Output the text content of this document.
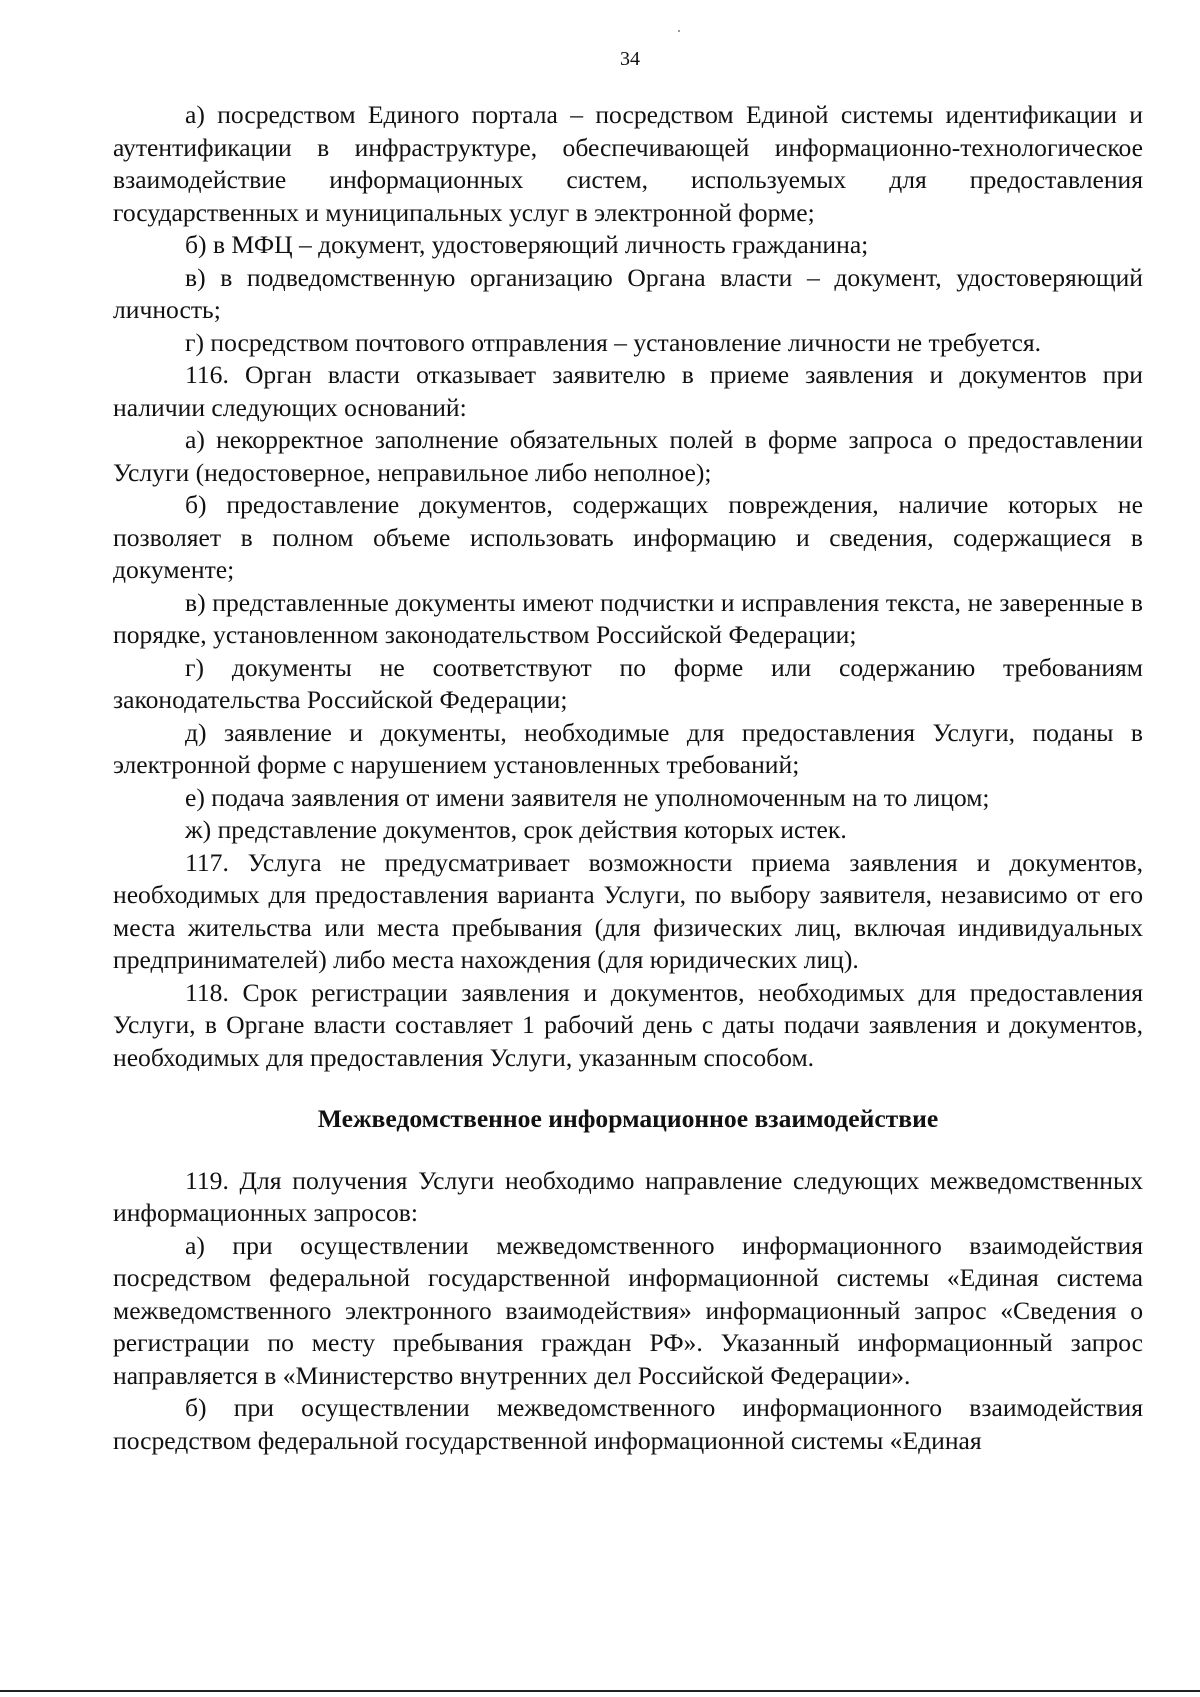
34

а) посредством Единого портала – посредством Единой системы идентификации и аутентификации в инфраструктуре, обеспечивающей информационно-технологическое взаимодействие информационных систем, используемых для предоставления государственных и муниципальных услуг в электронной форме;

б) в МФЦ – документ, удостоверяющий личность гражданина;

в) в подведомственную организацию Органа власти – документ, удостоверяющий личность;

г) посредством почтового отправления – установление личности не требуется.

116. Орган власти отказывает заявителю в приеме заявления и документов при наличии следующих оснований:

а) некорректное заполнение обязательных полей в форме запроса о предоставлении Услуги (недостоверное, неправильное либо неполное);

б) предоставление документов, содержащих повреждения, наличие которых не позволяет в полном объеме использовать информацию и сведения, содержащиеся в документе;

в) представленные документы имеют подчистки и исправления текста, не заверенные в порядке, установленном законодательством Российской Федерации;

г) документы не соответствуют по форме или содержанию требованиям законодательства Российской Федерации;

д) заявление и документы, необходимые для предоставления Услуги, поданы в электронной форме с нарушением установленных требований;

е) подача заявления от имени заявителя не уполномоченным на то лицом;

ж) представление документов, срок действия которых истек.

117. Услуга не предусматривает возможности приема заявления и документов, необходимых для предоставления варианта Услуги, по выбору заявителя, независимо от его места жительства или места пребывания (для физических лиц, включая индивидуальных предпринимателей) либо места нахождения (для юридических лиц).

118. Срок регистрации заявления и документов, необходимых для предоставления Услуги, в Органе власти составляет 1 рабочий день с даты подачи заявления и документов, необходимых для предоставления Услуги, указанным способом.

Межведомственное информационное взаимодействие

119. Для получения Услуги необходимо направление следующих межведомственных информационных запросов:

а) при осуществлении межведомственного информационного взаимодействия посредством федеральной государственной информационной системы «Единая система межведомственного электронного взаимодействия» информационный запрос «Сведения о регистрации по месту пребывания граждан РФ». Указанный информационный запрос направляется в «Министерство внутренних дел Российской Федерации».

б) при осуществлении межведомственного информационного взаимодействия посредством федеральной государственной информационной системы «Единая
